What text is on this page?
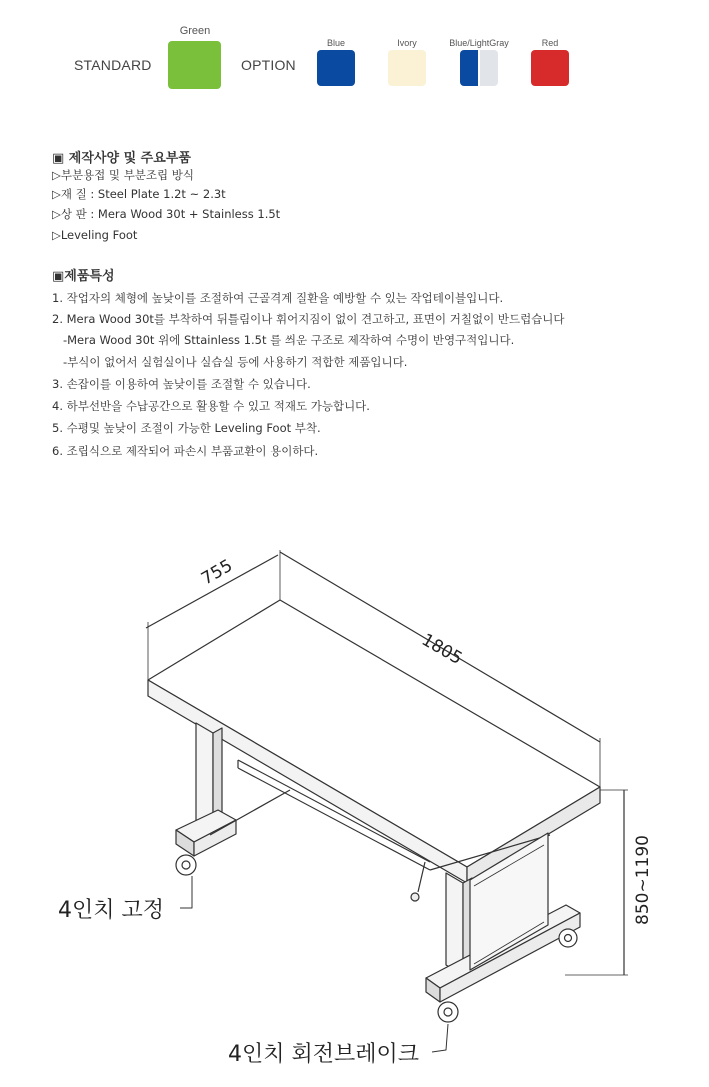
STANDARD
Green
OPTION
Blue	Ivory	Blue/LightGray	Red
▣ 제작사양 및 주요부품
▷부분용접 및 부분조립 방식
▷재 질 : Steel Plate 1.2t ~ 2.3t
▷상 판 : Mera Wood 30t + Stainless 1.5t
▷Leveling Foot
▣제품특성
1. 작업자의 체형에 높낮이를 조절하여 근골격계 질환을 예방할 수 있는 작업테이블입니다.
2. Mera Wood 30t를 부착하여 뒤틀림이나 휘어지짐이 없이 견고하고, 표면이 거칠없이 반드럽습니다
-Mera Wood 30t 위에 Sttainless 1.5t 를 씌운 구조로 제작하여 수명이 반영구적입니다.
-부식이 없어서 실험실이나 실습실 등에 사용하기 적합한 제품입니다.
3. 손잡이를 이용하여 높낮이를 조절할 수 있습니다.
4. 하부선반을 수납공간으로 활용할 수 있고 적재도 가능합니다.
5. 수평및 높낮이 조절이 가능한 Leveling Foot 부착.
6. 조립식으로 제작되어 파손시 부품교환이 용이하다.
755
1805
850~1190
4인치 고정
4인치 회전브레이크
